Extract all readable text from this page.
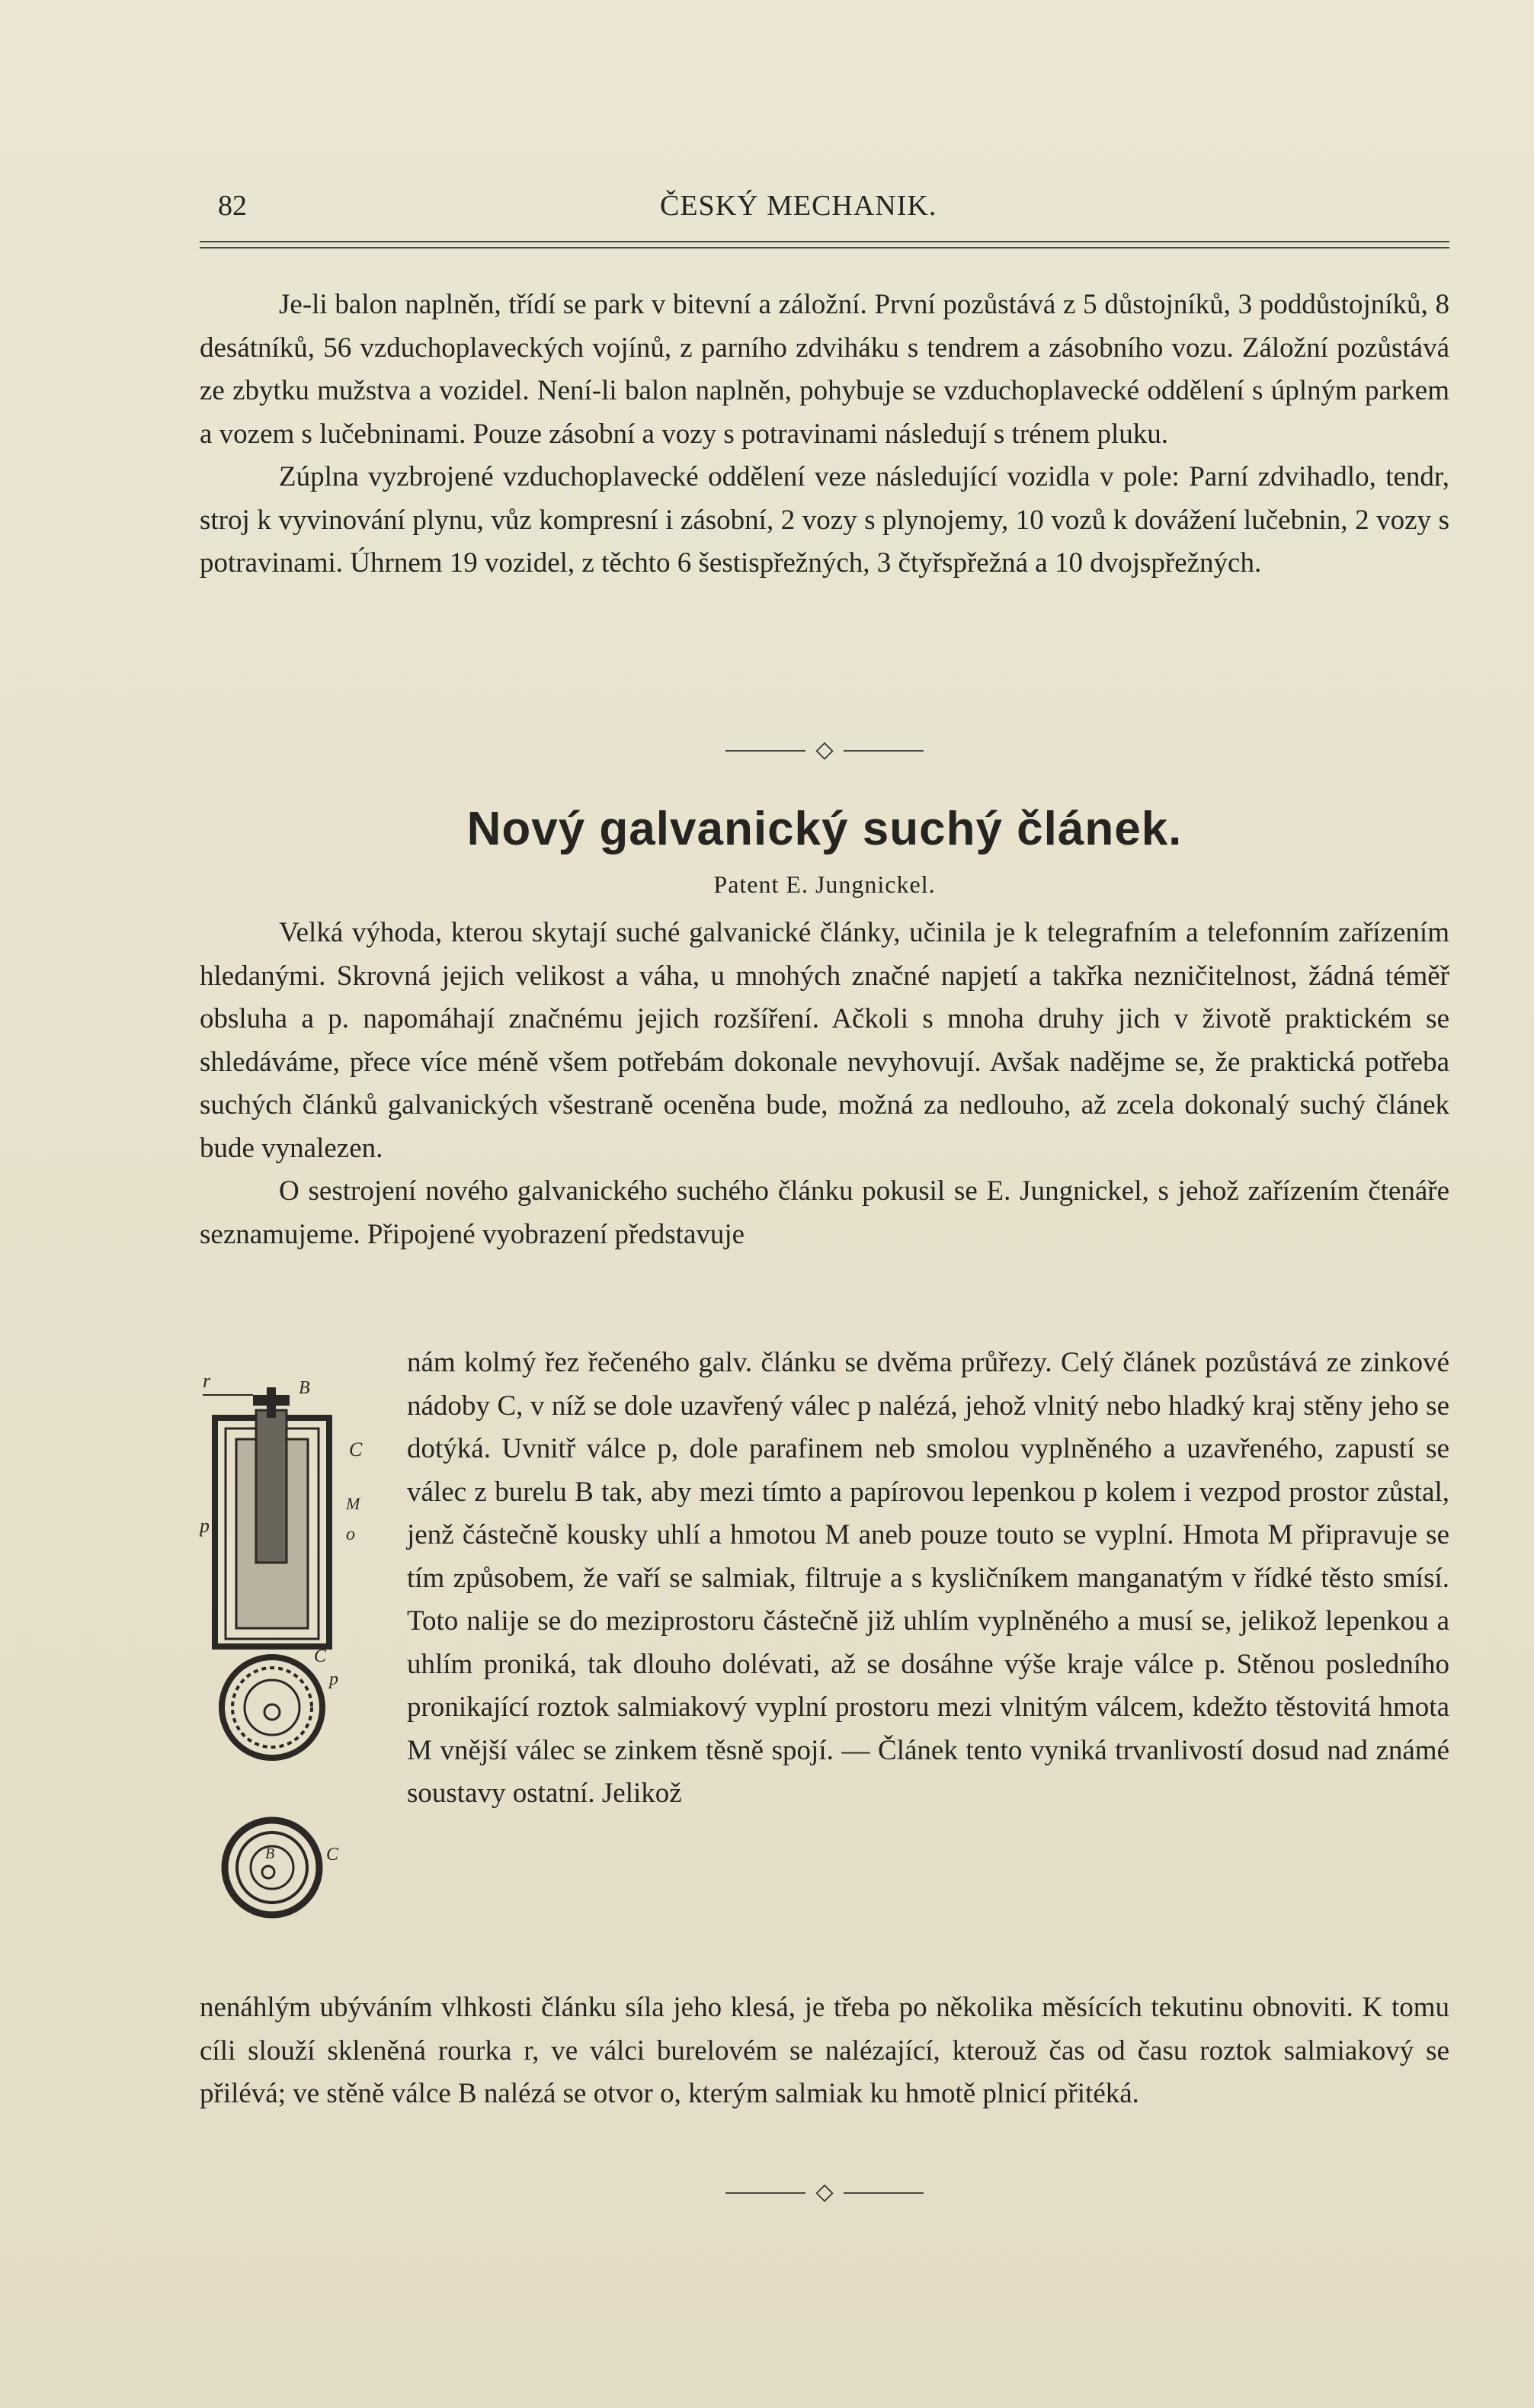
82	ČESKÝ MECHANIK.

Je-li balon naplněn, třídí se park v bitevní a záložní. První pozůstává z 5 důstojníků, 3 poddůstojníků, 8 desátníků, 56 vzduchoplaveckých vojínů, z parního zdviháku s tendrem a zásobního vozu. Záložní pozůstává ze zbytku mužstva a vozidel. Není-li balon naplněn, pohybuje se vzduchoplavecké oddělení s úplným parkem a vozem s lučebninami. Pouze zásobní a vozy s potravinami následují s trénem pluku.

Zúplna vyzbrojené vzduchoplavecké oddělení veze následující vozidla v pole: Parní zdvihadlo, tendr, stroj k vyvinování plynu, vůz kompresní i zásobní, 2 vozy s plynojemy, 10 vozů k dovážení lučebnin, 2 vozy s potravinami. Úhrnem 19 vozidel, z těchto 6 šestispřežných, 3 čtyřspřežná a 10 dvojspřežných.

◇
Nový galvanický suchý článek.
Patent E. Jungnickel.

Velká výhoda, kterou skytají suché galvanické články, učinila je k telegrafním a telefonním zařízením hledanými. Skrovná jejich velikost a váha, u mnohých značné napjetí a takřka nezničitelnost, žádná téměř obsluha a p. napomáhají značnému jejich rozšíření. Ačkoli s mnoha druhy jich v životě praktickém se shledáváme, přece více méně všem potřebám dokonale nevyhovují. Avšak nadějme se, že praktická potřeba suchých článků galvanických všestraně oceněna bude, možná za nedlouho, až zcela dokonalý suchý článek bude vynalezen.

O sestrojení nového galvanického suchého článku pokusil se E. Jungnickel, s jehož zařízením čtenáře seznamujeme. Připojené vyobrazení představuje

r	B
C
M
o
p
C
p
B	C
nám kolmý řez řečeného galv. článku se dvěma průřezy. Celý článek pozůstává ze zinkové nádoby C, v níž se dole uzavřený válec p nalézá, jehož vlnitý nebo hladký kraj stěny jeho se dotýká. Uvnitř válce p, dole parafinem neb smolou vyplněného a uzavřeného, zapustí se válec z burelu B tak, aby mezi tímto a papírovou lepenkou p kolem i vezpod prostor zůstal, jenž částečně kousky uhlí a hmotou M aneb pouze touto se vyplní. Hmota M připravuje se tím způsobem, že vaří se salmiak, filtruje a s kysličníkem manganatým v řídké těsto smísí. Toto nalije se do meziprostoru částečně již uhlím vyplněného a musí se, jelikož lepenkou a uhlím proniká, tak dlouho dolévati, až se dosáhne výše kraje válce p. Stěnou posledního pronikající roztok salmiakový vyplní prostoru mezi vlnitým válcem, kdežto těstovitá hmota M vnější válec se zinkem těsně spojí. — Článek tento vyniká trvanlivostí dosud nad známé soustavy ostatní. Jelikož
nenáhlým ubýváním vlhkosti článku síla jeho klesá, je třeba po několika měsících tekutinu obnoviti. K tomu cíli slouží skleněná rourka r, ve válci burelovém se nalézající, kterouž čas od času roztok salmiakový se přilévá; ve stěně válce B nalézá se otvor o, kterým salmiak ku hmotě plnicí přitéká.
◇
